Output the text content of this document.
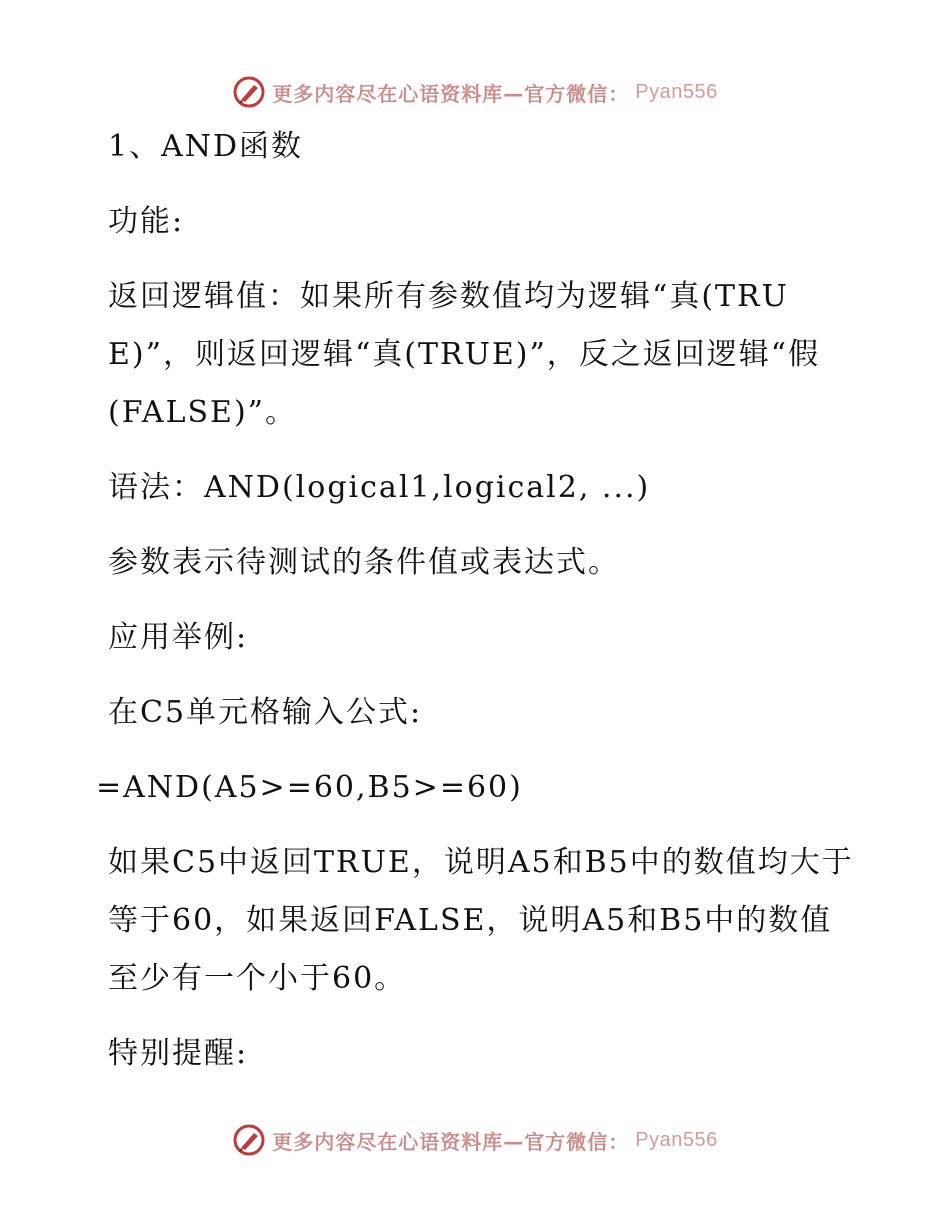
更多内容尽在心语资料库—官方微信： Pyan556

1、AND函数

功能:

返回逻辑值：如果所有参数值均为逻辑“真(TRUE)”，则返回逻辑“真(TRUE)”，反之返回逻辑“假(FALSE)”。

语法：AND(logical1,logical2, ...)

参数表示待测试的条件值或表达式。

应用举例:

在C5单元格输入公式:

=AND(A5>=60,B5>=60)

如果C5中返回TRUE，说明A5和B5中的数值均大于等于60，如果返回FALSE，说明A5和B5中的数值至少有一个小于60。

特别提醒:

更多内容尽在心语资料库—官方微信： Pyan556
